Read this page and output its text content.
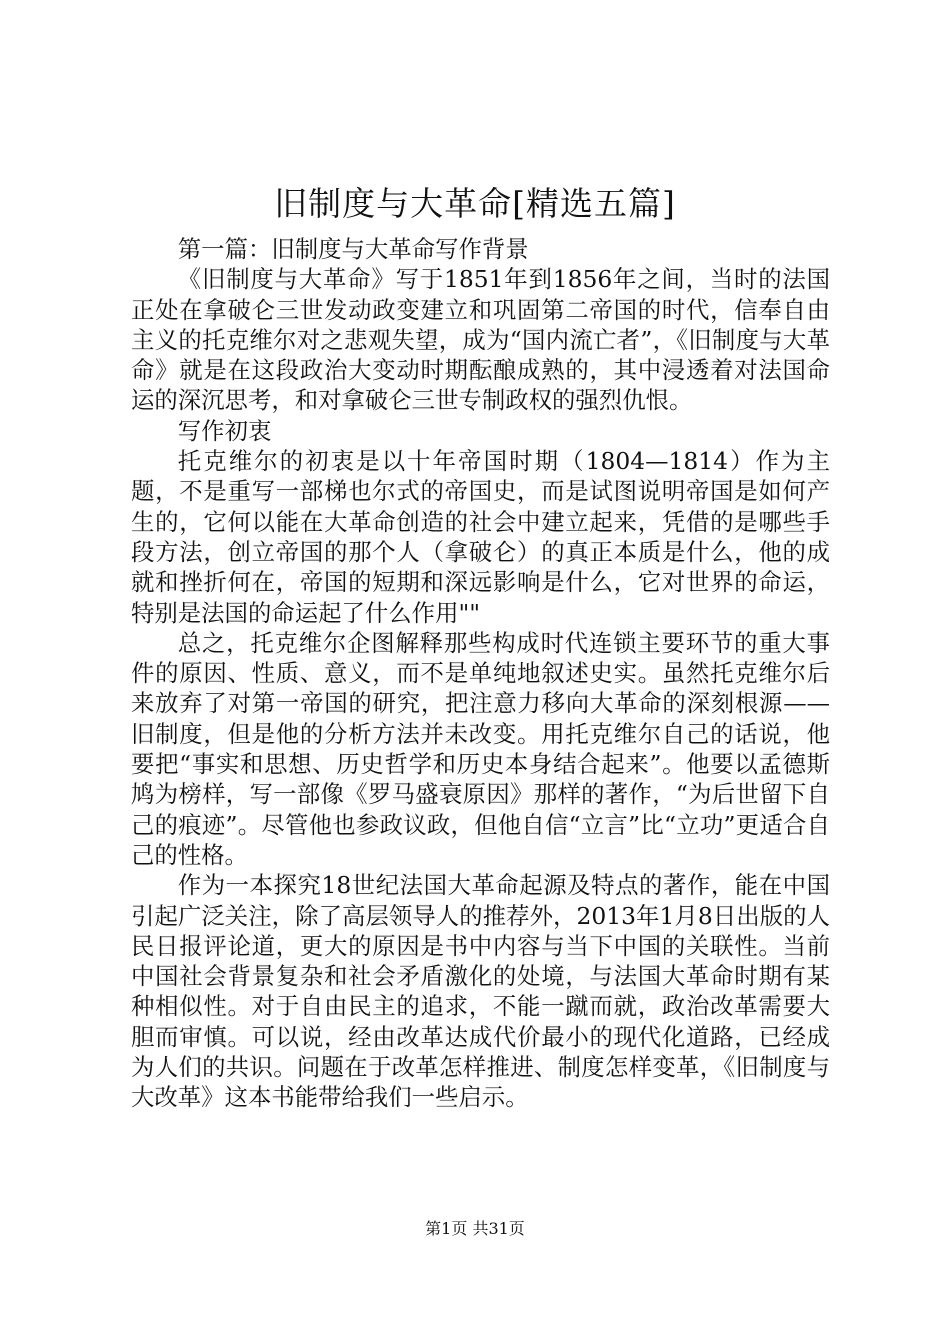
旧制度与大革命[精选五篇]

第一篇：旧制度与大革命写作背景

《旧制度与大革命》写于1851年到1856年之间，当时的法国正处在拿破仑三世发动政变建立和巩固第二帝国的时代，信奉自由主义的托克维尔对之悲观失望，成为“国内流亡者”，《旧制度与大革命》就是在这段政治大变动时期酝酿成熟的，其中浸透着对法国命运的深沉思考，和对拿破仑三世专制政权的强烈仇恨。

写作初衷

托克维尔的初衷是以十年帝国时期（1804—1814）作为主题，不是重写一部梯也尔式的帝国史，而是试图说明帝国是如何产生的，它何以能在大革命创造的社会中建立起来，凭借的是哪些手段方法，创立帝国的那个人（拿破仑）的真正本质是什么，他的成就和挫折何在，帝国的短期和深远影响是什么，它对世界的命运，特别是法国的命运起了什么作用""

总之，托克维尔企图解释那些构成时代连锁主要环节的重大事件的原因、性质、意义，而不是单纯地叙述史实。虽然托克维尔后来放弃了对第一帝国的研究，把注意力移向大革命的深刻根源——旧制度，但是他的分析方法并未改变。用托克维尔自己的话说，他要把“事实和思想、历史哲学和历史本身结合起来”。他要以孟德斯鸠为榜样，写一部像《罗马盛衰原因》那样的著作，“为后世留下自己的痕迹”。尽管他也参政议政，但他自信“立言”比“立功”更适合自己的性格。

作为一本探究18世纪法国大革命起源及特点的著作，能在中国引起广泛关注，除了高层领导人的推荐外，2013年1月8日出版的人民日报评论道，更大的原因是书中内容与当下中国的关联性。当前中国社会背景复杂和社会矛盾激化的处境，与法国大革命时期有某种相似性。对于自由民主的追求，不能一蹴而就，政治改革需要大胆而审慎。可以说，经由改革达成代价最小的现代化道路，已经成为人们的共识。问题在于改革怎样推进、制度怎样变革，《旧制度与大改革》这本书能带给我们一些启示。

第1页 共31页
